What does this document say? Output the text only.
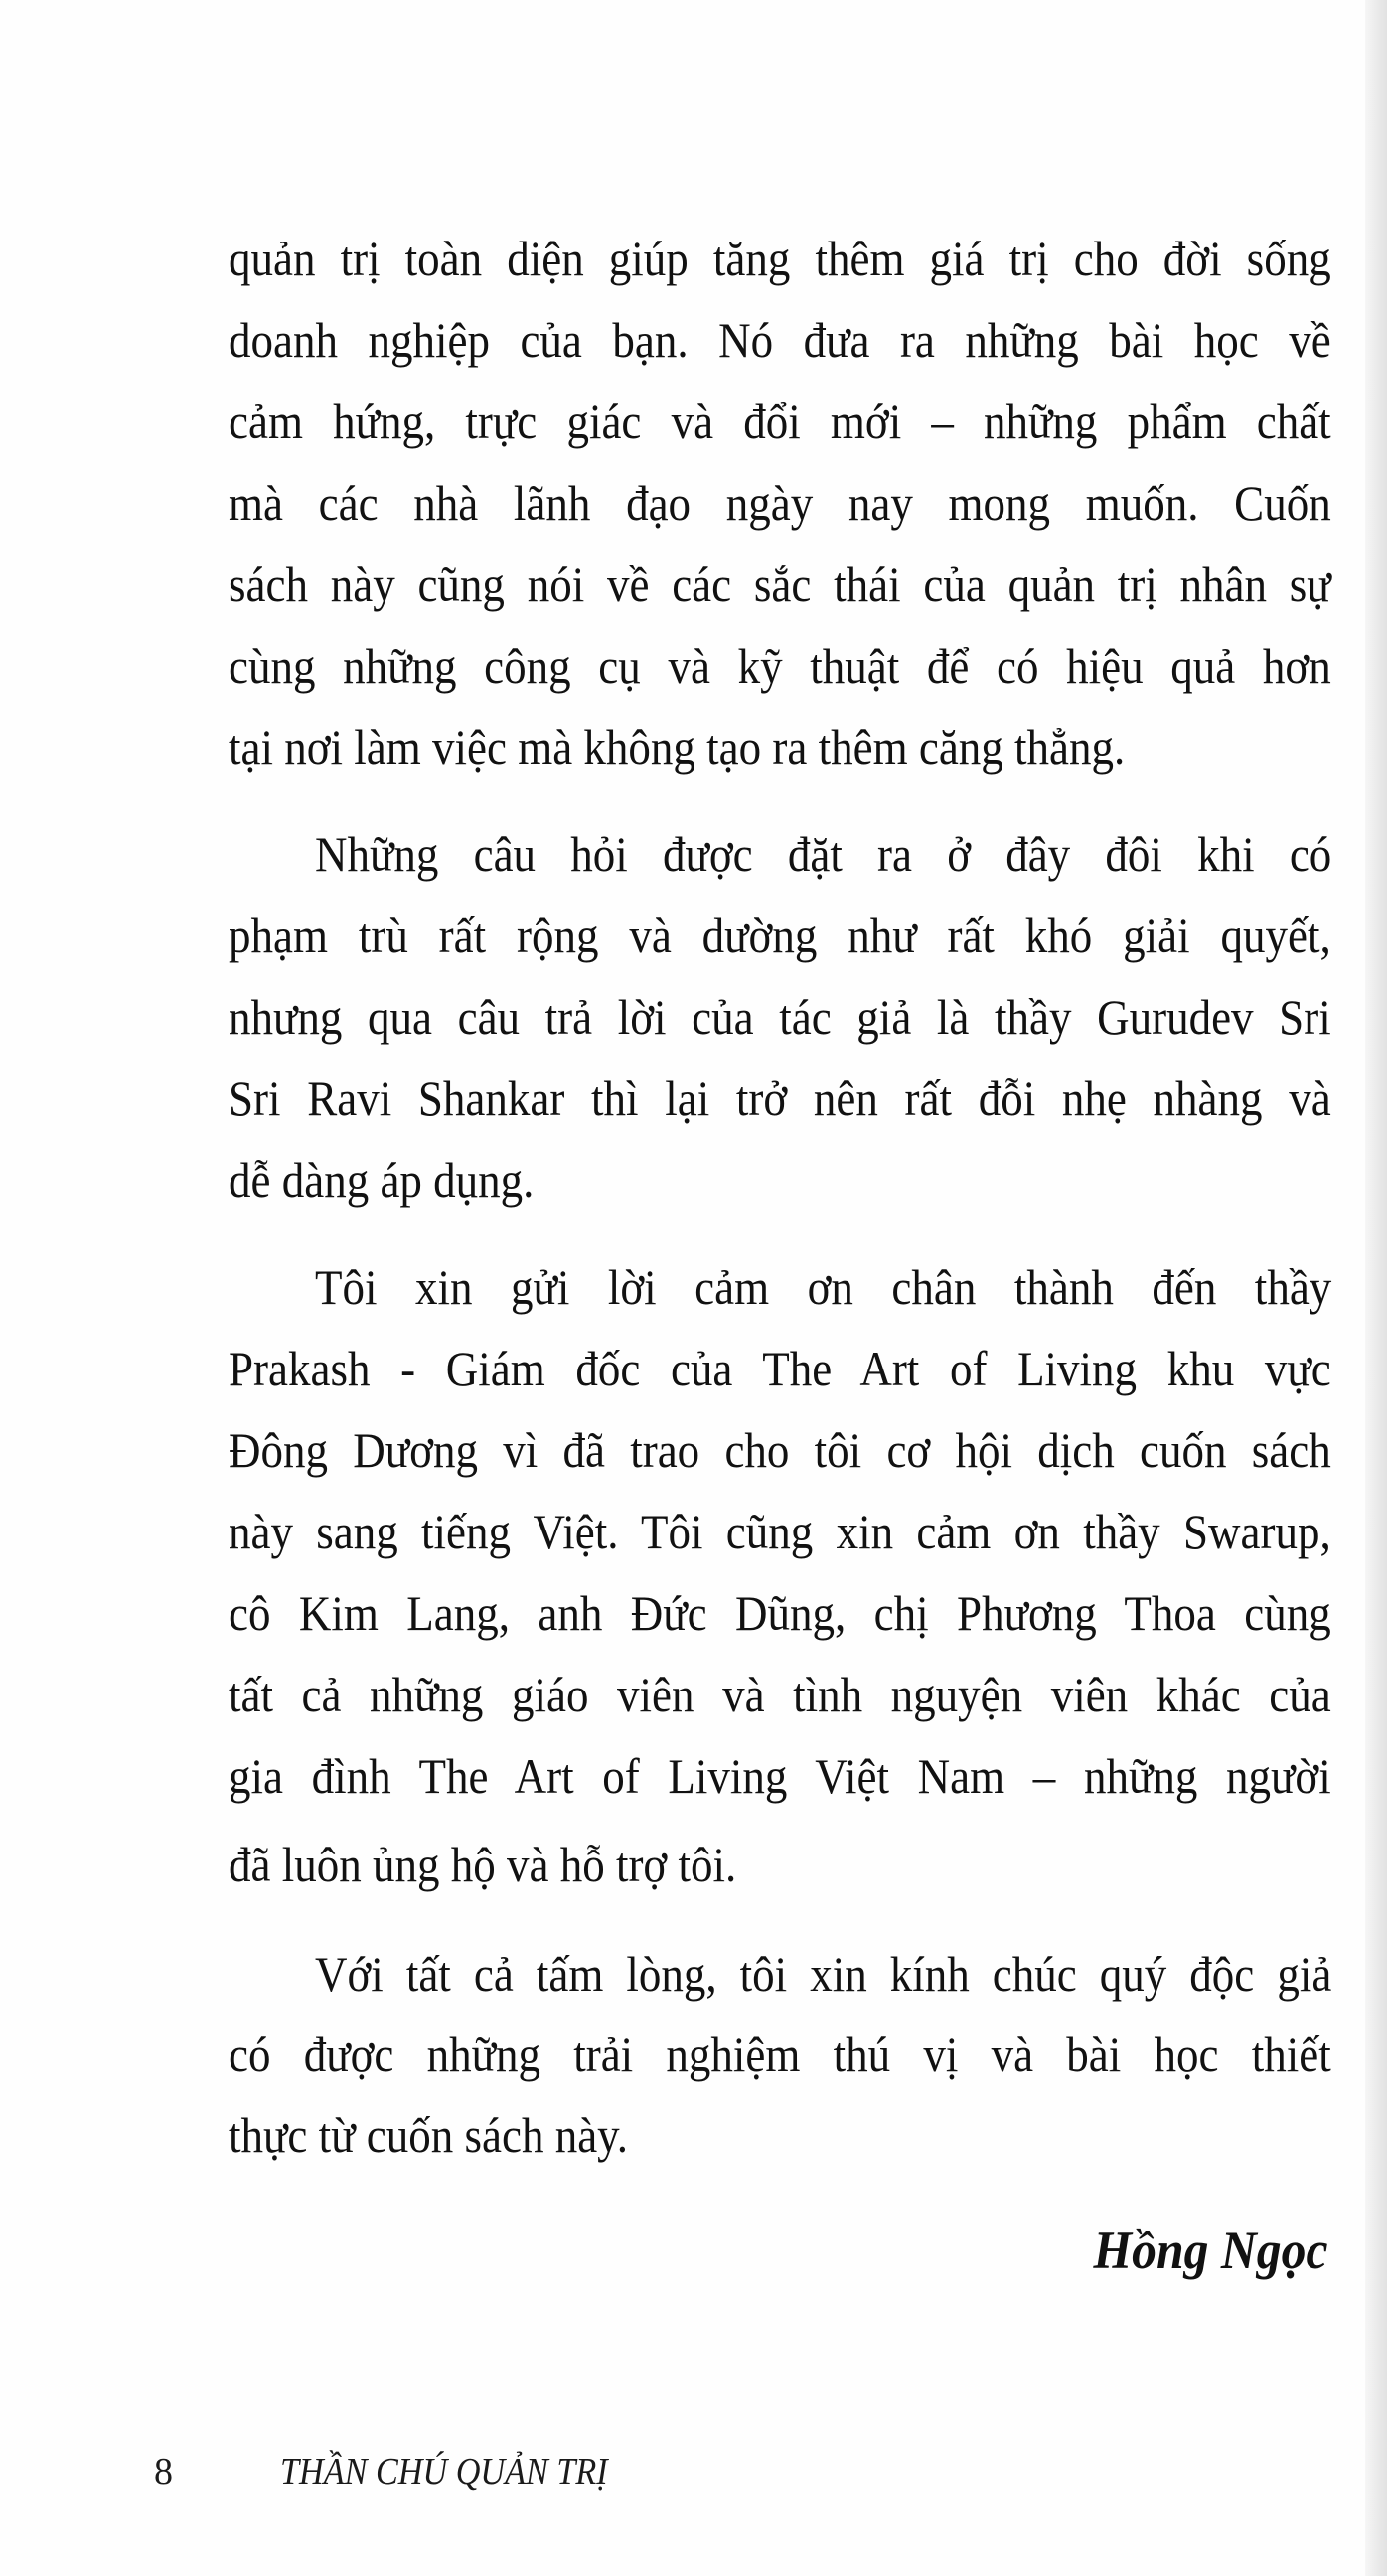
quản trị toàn diện giúp tăng thêm giá trị cho đời sống
doanh nghiệp của bạn. Nó đưa ra những bài học về
cảm hứng, trực giác và đổi mới – những phẩm chất
mà các nhà lãnh đạo ngày nay mong muốn. Cuốn
sách này cũng nói về các sắc thái của quản trị nhân sự
cùng những công cụ và kỹ thuật để có hiệu quả hơn
tại nơi làm việc mà không tạo ra thêm căng thẳng.
Những câu hỏi được đặt ra ở đây đôi khi có
phạm trù rất rộng và dường như rất khó giải quyết,
nhưng qua câu trả lời của tác giả là thầy Gurudev Sri
Sri Ravi Shankar thì lại trở nên rất đỗi nhẹ nhàng và
dễ dàng áp dụng.
Tôi xin gửi lời cảm ơn chân thành đến thầy
Prakash - Giám đốc của The Art of Living khu vực
Đông Dương vì đã trao cho tôi cơ hội dịch cuốn sách
này sang tiếng Việt. Tôi cũng xin cảm ơn thầy Swarup,
cô Kim Lang, anh Đức Dũng, chị Phương Thoa cùng
tất cả những giáo viên và tình nguyện viên khác của
gia đình The Art of Living Việt Nam – những người
đã luôn ủng hộ và hỗ trợ tôi.
Với tất cả tấm lòng, tôi xin kính chúc quý độc giả
có được những trải nghiệm thú vị và bài học thiết
thực từ cuốn sách này.
Hồng Ngọc
8	THẦN CHÚ QUẢN TRỊ
